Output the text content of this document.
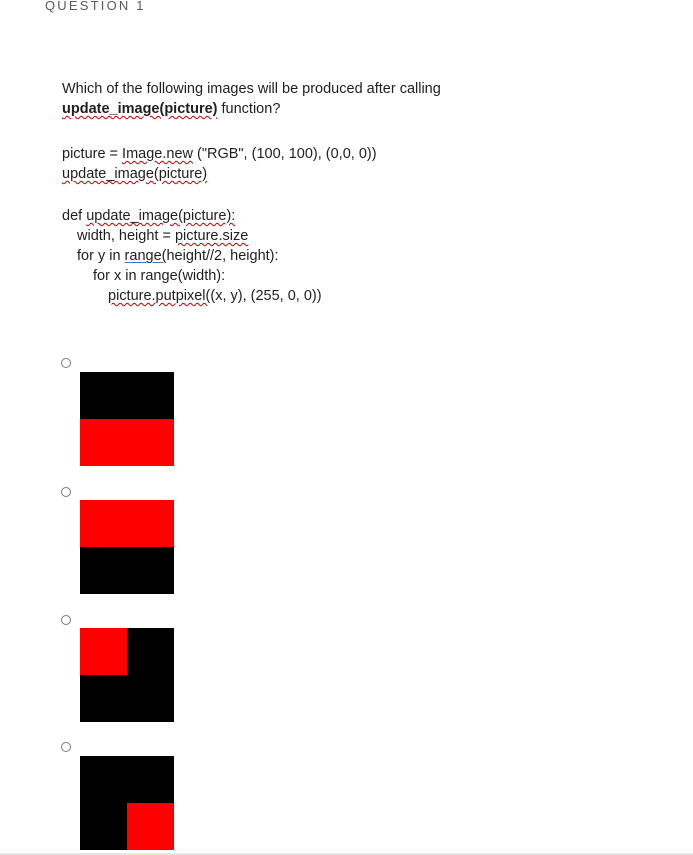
QUESTION 1

Which of the following images will be produced after calling

update_image(picture) function?

picture = Image.new ("RGB", (100, 100), (0,0, 0))

update_image(picture)

def update_image(picture):

width, height = picture.size

for y in range(height//2, height):

for x in range(width):

picture.putpixel((x, y), (255, 0, 0))
